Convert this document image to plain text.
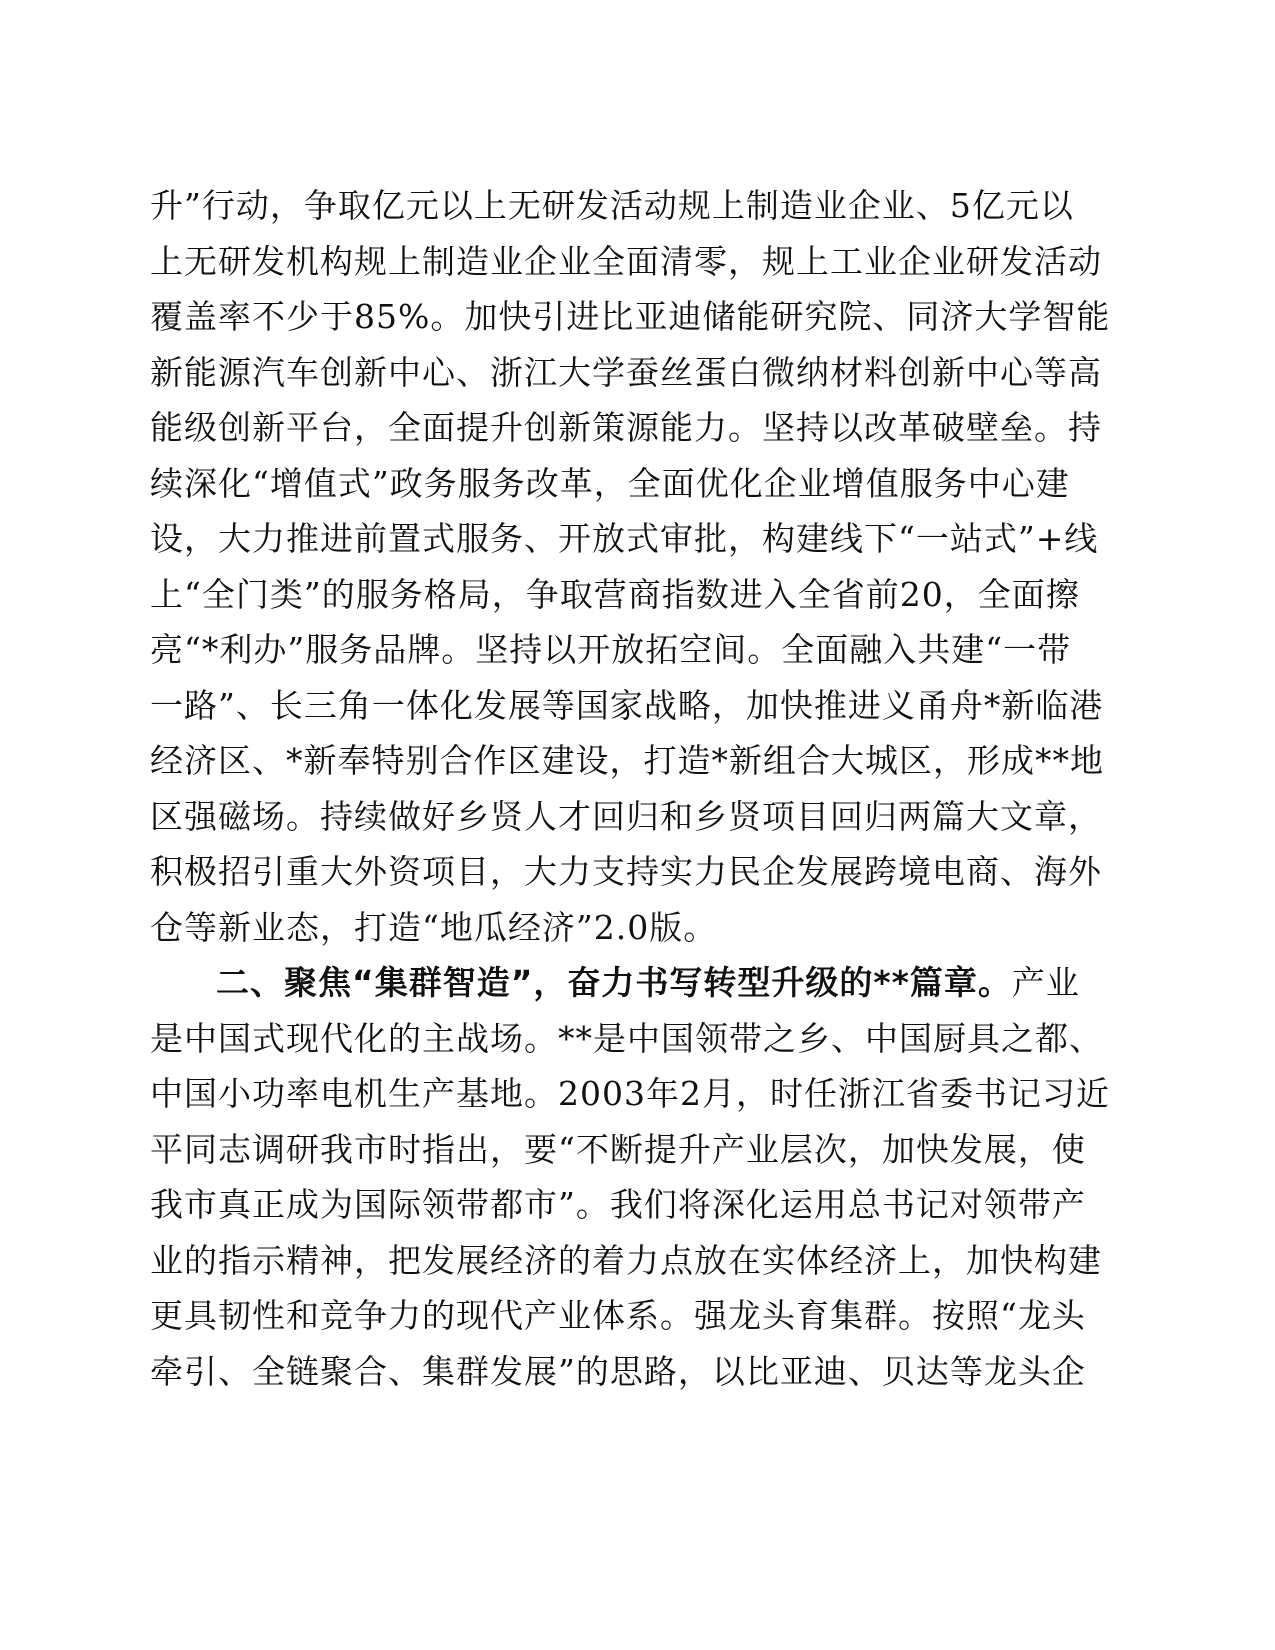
升”行动，争取亿元以上无研发活动规上制造业企业、5亿元以
上无研发机构规上制造业企业全面清零，规上工业企业研发活动
覆盖率不少于85%。加快引进比亚迪储能研究院、同济大学智能
新能源汽车创新中心、浙江大学蚕丝蛋白微纳材料创新中心等高
能级创新平台，全面提升创新策源能力。坚持以改革破壁垒。持
续深化“增值式”政务服务改革，全面优化企业增值服务中心建
设，大力推进前置式服务、开放式审批，构建线下“一站式”+线
上“全门类”的服务格局，争取营商指数进入全省前20，全面擦
亮“*利办”服务品牌。坚持以开放拓空间。全面融入共建“一带
一路”、长三角一体化发展等国家战略，加快推进义甬舟*新临港
经济区、*新奉特别合作区建设，打造*新组合大城区，形成**地
区强磁场。持续做好乡贤人才回归和乡贤项目回归两篇大文章，
积极招引重大外资项目，大力支持实力民企发展跨境电商、海外
仓等新业态，打造“地瓜经济”2.0版。
二、聚焦“集群智造”，奋力书写转型升级的**篇章。产业
是中国式现代化的主战场。**是中国领带之乡、中国厨具之都、
中国小功率电机生产基地。2003年2月，时任浙江省委书记习近
平同志调研我市时指出，要“不断提升产业层次，加快发展，使
我市真正成为国际领带都市”。我们将深化运用总书记对领带产
业的指示精神，把发展经济的着力点放在实体经济上，加快构建
更具韧性和竞争力的现代产业体系。强龙头育集群。按照“龙头
牵引、全链聚合、集群发展”的思路，以比亚迪、贝达等龙头企
